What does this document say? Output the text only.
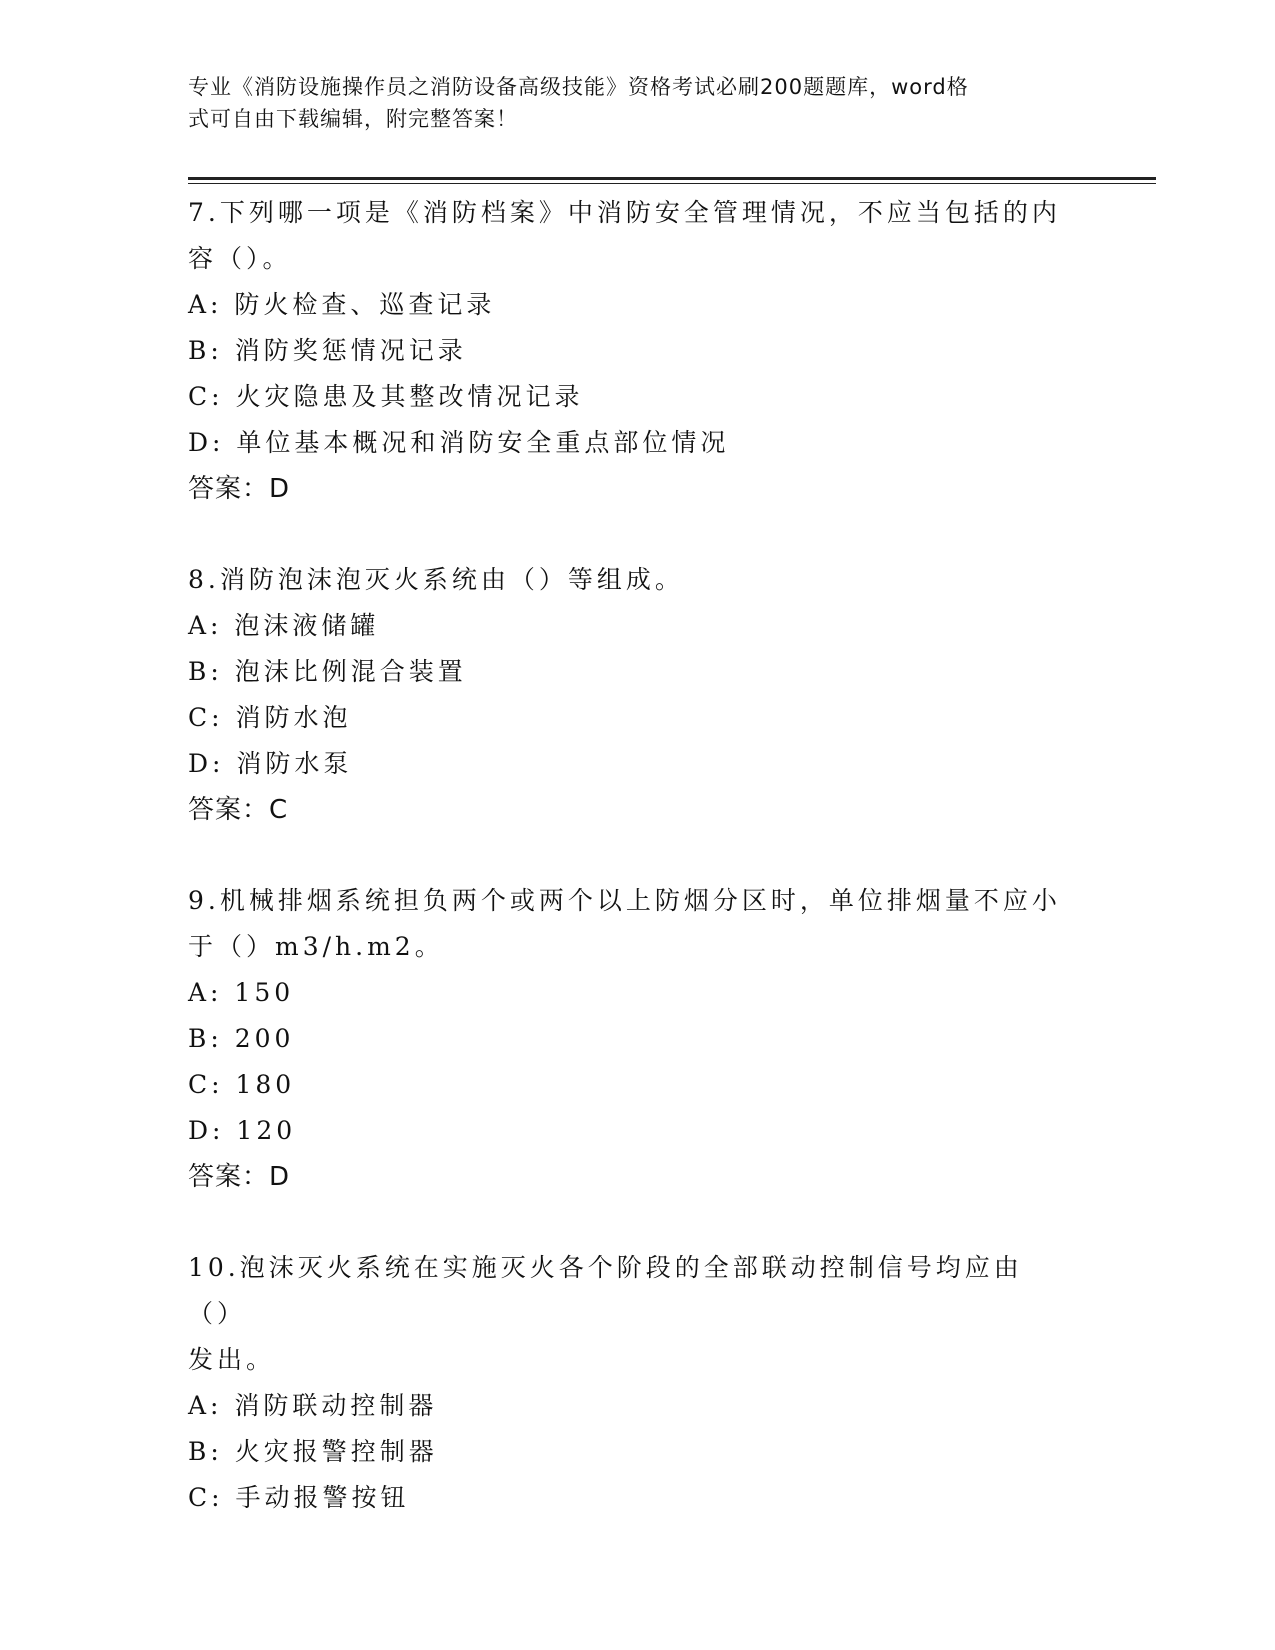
专业《消防设施操作员之消防设备高级技能》资格考试必刷200题题库，word格
式可自由下载编辑，附完整答案！

7.下列哪一项是《消防档案》中消防安全管理情况，不应当包括的内
容（）。

A: 防火检查、巡查记录

B: 消防奖惩情况记录

C: 火灾隐患及其整改情况记录

D: 单位基本概况和消防安全重点部位情况

答案：D

8.消防泡沫泡灭火系统由（）等组成。

A: 泡沫液储罐

B: 泡沫比例混合装置

C: 消防水泡

D: 消防水泵

答案：C

9.机械排烟系统担负两个或两个以上防烟分区时，单位排烟量不应小
于（）m3/h.m2。

A: 150

B: 200

C: 180

D: 120

答案：D

10.泡沫灭火系统在实施灭火各个阶段的全部联动控制信号均应由（）
发出。

A: 消防联动控制器

B: 火灾报警控制器

C: 手动报警按钮
